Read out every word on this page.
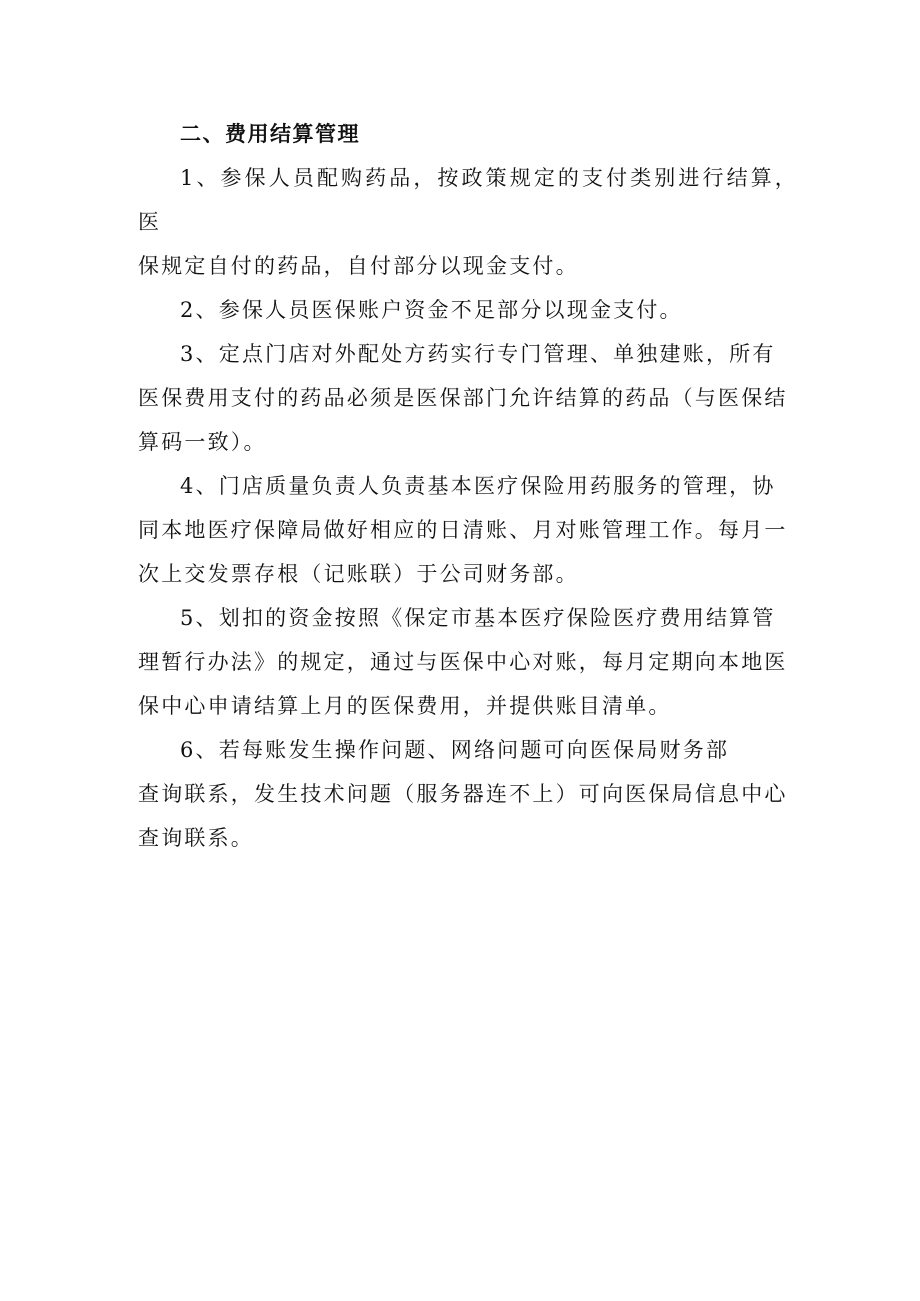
二、费用结算管理

1、参保人员配购药品，按政策规定的支付类别进行结算，医
保规定自付的药品，自付部分以现金支付。

2、参保人员医保账户资金不足部分以现金支付。

3、定点门店对外配处方药实行专门管理、单独建账，所有
医保费用支付的药品必须是医保部门允许结算的药品（与医保结
算码一致）。

4、门店质量负责人负责基本医疗保险用药服务的管理，协
同本地医疗保障局做好相应的日清账、月对账管理工作。每月一
次上交发票存根（记账联）于公司财务部。

5、划扣的资金按照《保定市基本医疗保险医疗费用结算管
理暂行办法》的规定，通过与医保中心对账，每月定期向本地医
保中心申请结算上月的医保费用，并提供账目清单。

6、若每账发生操作问题、网络问题可向医保局财务部
查询联系，发生技术问题（服务器连不上）可向医保局信息中心
查询联系。
